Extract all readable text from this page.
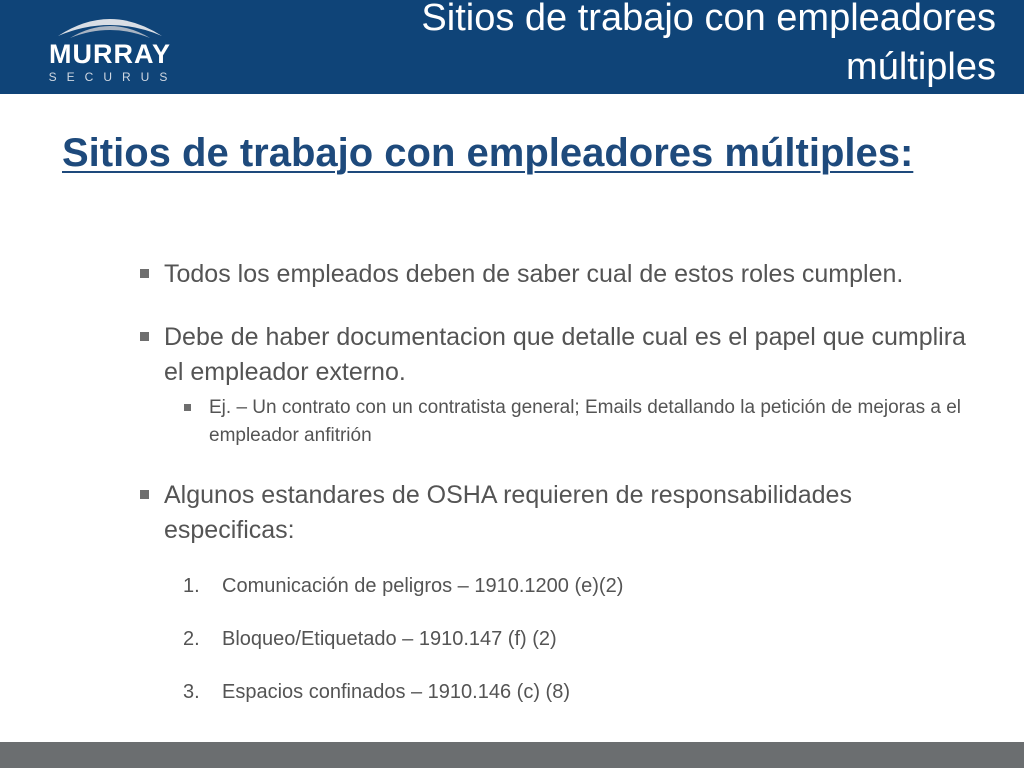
MURRAY
SECURUS
Sitios de trabajo con empleadores múltiples
Sitios de trabajo con empleadores múltiples:
Todos los empleados deben de saber cual de estos roles cumplen.
Debe de haber documentacion que detalle cual es el papel que cumplira el empleador externo.
Ej. – Un contrato con un contratista general; Emails detallando la petición de mejoras a el empleador anfitrión
Algunos estandares de OSHA requieren de responsabilidades especificas:
1. Comunicación de peligros – 1910.1200 (e)(2)
2. Bloqueo/Etiquetado – 1910.147 (f) (2)
3. Espacios confinados – 1910.146 (c) (8)
